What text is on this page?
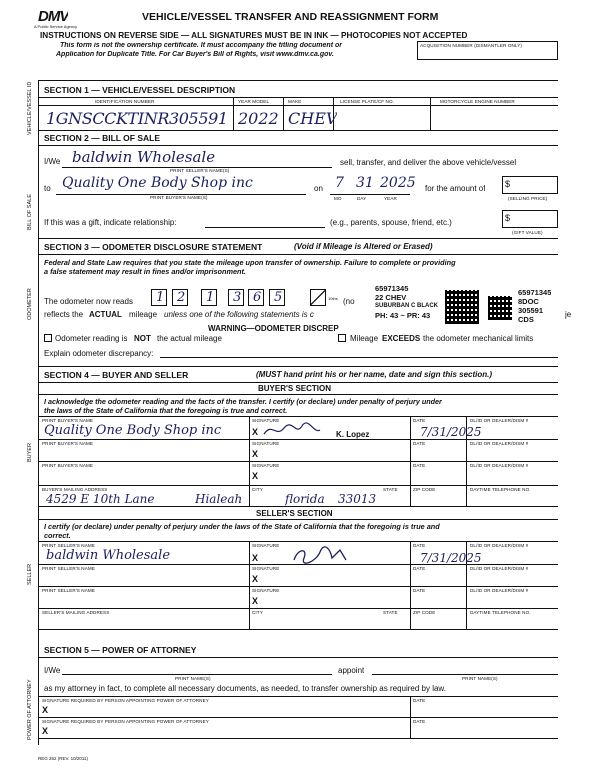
DMV
A Public Service Agency
VEHICLE/VESSEL TRANSFER AND REASSIGNMENT FORM
INSTRUCTIONS ON REVERSE SIDE — ALL SIGNATURES MUST BE IN INK — PHOTOCOPIES NOT ACCEPTED
This form is not the ownership certificate. It must accompany the titling document or
Application for Duplicate Title. For Car Buyer's Bill of Rights, visit www.dmv.ca.gov.
ACQUISITION NUMBER (DISMANTLER ONLY)
VEHICLE/VESSEL ID
BILL OF SALE
ODOMETER
BUYER
SELLER
POWER OF ATTORNEY
SECTION 1 — VEHICLE/VESSEL DESCRIPTION
IDENTIFICATION NUMBER	YEAR MODEL	MAKE	LICENSE PLATE/CF NO.	MOTORCYCLE ENGINE NUMBER
1GNSCCKTINR305591 2022 CHEV
SECTION 2 — BILL OF SALE
I/We baldwin Wholesale
PRINT SELLER'S NAME(S)
sell, transfer, and deliver the above vehicle/vessel
to Quality One Body Shop inc
PRINT BUYER'S NAME(S)
on 7 31 2025
MO	DAY	YEAR
for the amount of $
(SELLING PRICE)
If this was a gift, indicate relationship:	(e.g., parents, spouse, friend, etc.)	$
(GIFT VALUE)
SECTION 3 — ODOMETER DISCLOSURE STATEMENT	(Void if Mileage is Altered or Erased)
Federal and State Law requires that you state the mileage upon transfer of ownership. Failure to complete or providing
a false statement may result in fines and/or imprisonment.
The odometer now reads 1 2 1 3 6 5	10ths (no
reflects the ACTUAL mileage unless one of the following statements is c
WARNING—ODOMETER DISCREP
je
Odometer reading is NOT the actual mileage	Mileage EXCEEDS the odometer mechanical limits
Explain odometer discrepancy:
65971345
22 CHEV
SUBURBAN C BLACK
PH: 43 ~ PR: 43
65971345
8DOC
305591
CDS
SECTION 4 — BUYER AND SELLER	(MUST hand print his or her name, date and sign this section.)
BUYER'S SECTION
I acknowledge the odometer reading and the facts of the transfer. I certify (or declare) under penalty of perjury under
the laws of the State of California that the foregoing is true and correct.
PRINT BUYER'S NAME	SIGNATURE	DATE	DL/ID OR DEALER/DISM #
Quality One Body Shop inc	X	K. Lopez	7/31/2025
PRINT BUYER'S NAME	SIGNATURE	DATE	DL/ID OR DEALER/DISM #
X
PRINT BUYER'S NAME	SIGNATURE	DATE	DL/ID OR DEALER/DISM #
X
BUYER'S MAILING ADDRESS	CITY	STATE	ZIP CODE	DAYTIME TELEPHONE NO.
4529 E 10th Lane	Hialeah	florida 33013
SELLER'S SECTION
I certify (or declare) under penalty of perjury under the laws of the State of California that the foregoing is true and
correct.
PRINT SELLER'S NAME	SIGNATURE	DATE	DL/ID OR DEALER/DISM #
baldwin Wholesale	X	7/31/2025
PRINT SELLER'S NAME	SIGNATURE	DATE	DL/ID OR DEALER/DISM #
X
PRINT SELLER'S NAME	SIGNATURE	DATE	DL/ID OR DEALER/DISM #
X
SELLER'S MAILING ADDRESS	CITY	STATE	ZIP CODE	DAYTIME TELEPHONE NO.
SECTION 5 — POWER OF ATTORNEY
I/We
PRINT NAME(S)
appoint
PRINT NAME(S)
as my attorney in fact, to complete all necessary documents, as needed, to transfer ownership as required by law.
SIGNATURE REQUIRED BY PERSON APPOINTING POWER OF ATTORNEY	DATE
X
SIGNATURE REQUIRED BY PERSON APPOINTING POWER OF ATTORNEY	DATE
X
REG 262 (REV. 10/2011)
